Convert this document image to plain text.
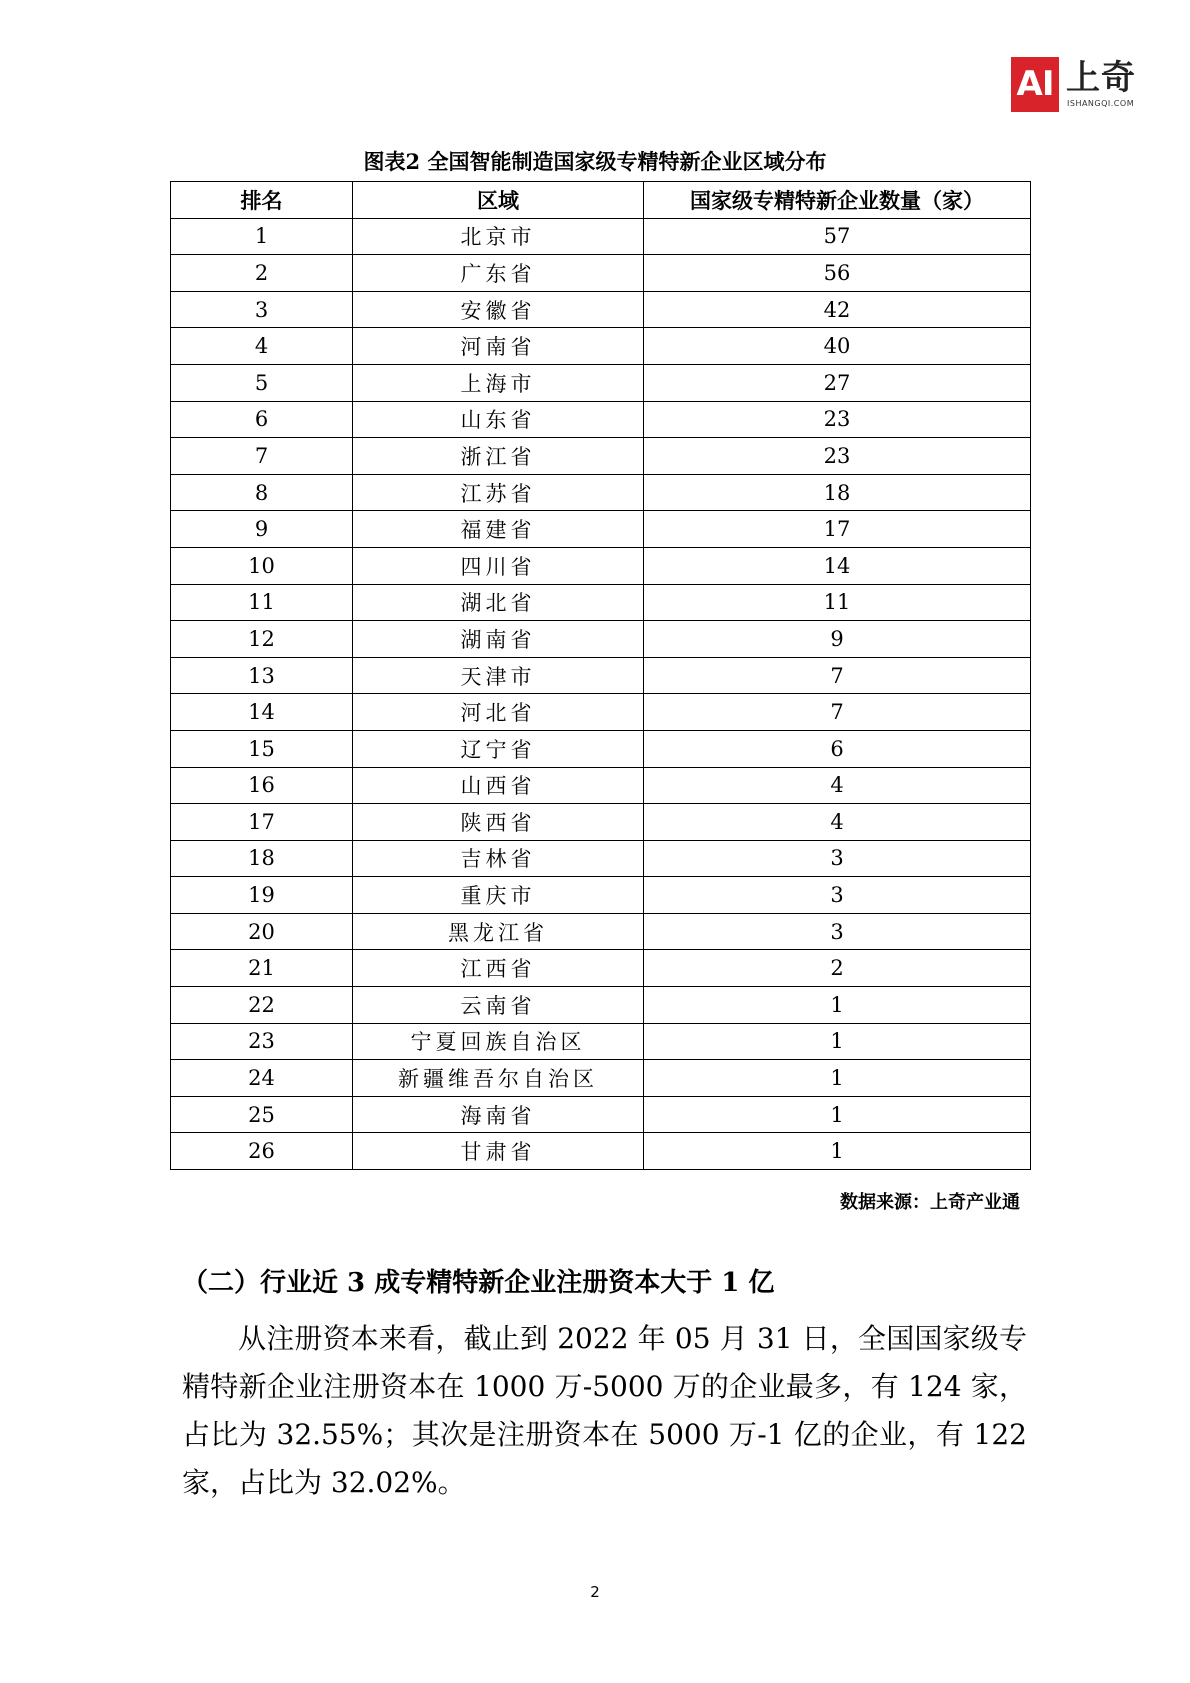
AI 上奇
ISHANGQI.COM
图表2 全国智能制造国家级专精特新企业区域分布
排名	区域	国家级专精特新企业数量（家）
1	北京市	57
2	广东省	56
3	安徽省	42
4	河南省	40
5	上海市	27
6	山东省	23
7	浙江省	23
8	江苏省	18
9	福建省	17
10	四川省	14
11	湖北省	11
12	湖南省	9
13	天津市	7
14	河北省	7
15	辽宁省	6
16	山西省	4
17	陕西省	4
18	吉林省	3
19	重庆市	3
20	黑龙江省	3
21	江西省	2
22	云南省	1
23	宁夏回族自治区	1
24	新疆维吾尔自治区	1
25	海南省	1
26	甘肃省	1
数据来源：上奇产业通
（二）行业近 3 成专精特新企业注册资本大于 1 亿
从注册资本来看，截止到 2022 年 05 月 31 日，全国国家级专精特新企业注册资本在 1000 万-5000 万的企业最多，有 124 家，占比为 32.55%；其次是注册资本在 5000 万-1 亿的企业，有 122 家，占比为 32.02%。
2
